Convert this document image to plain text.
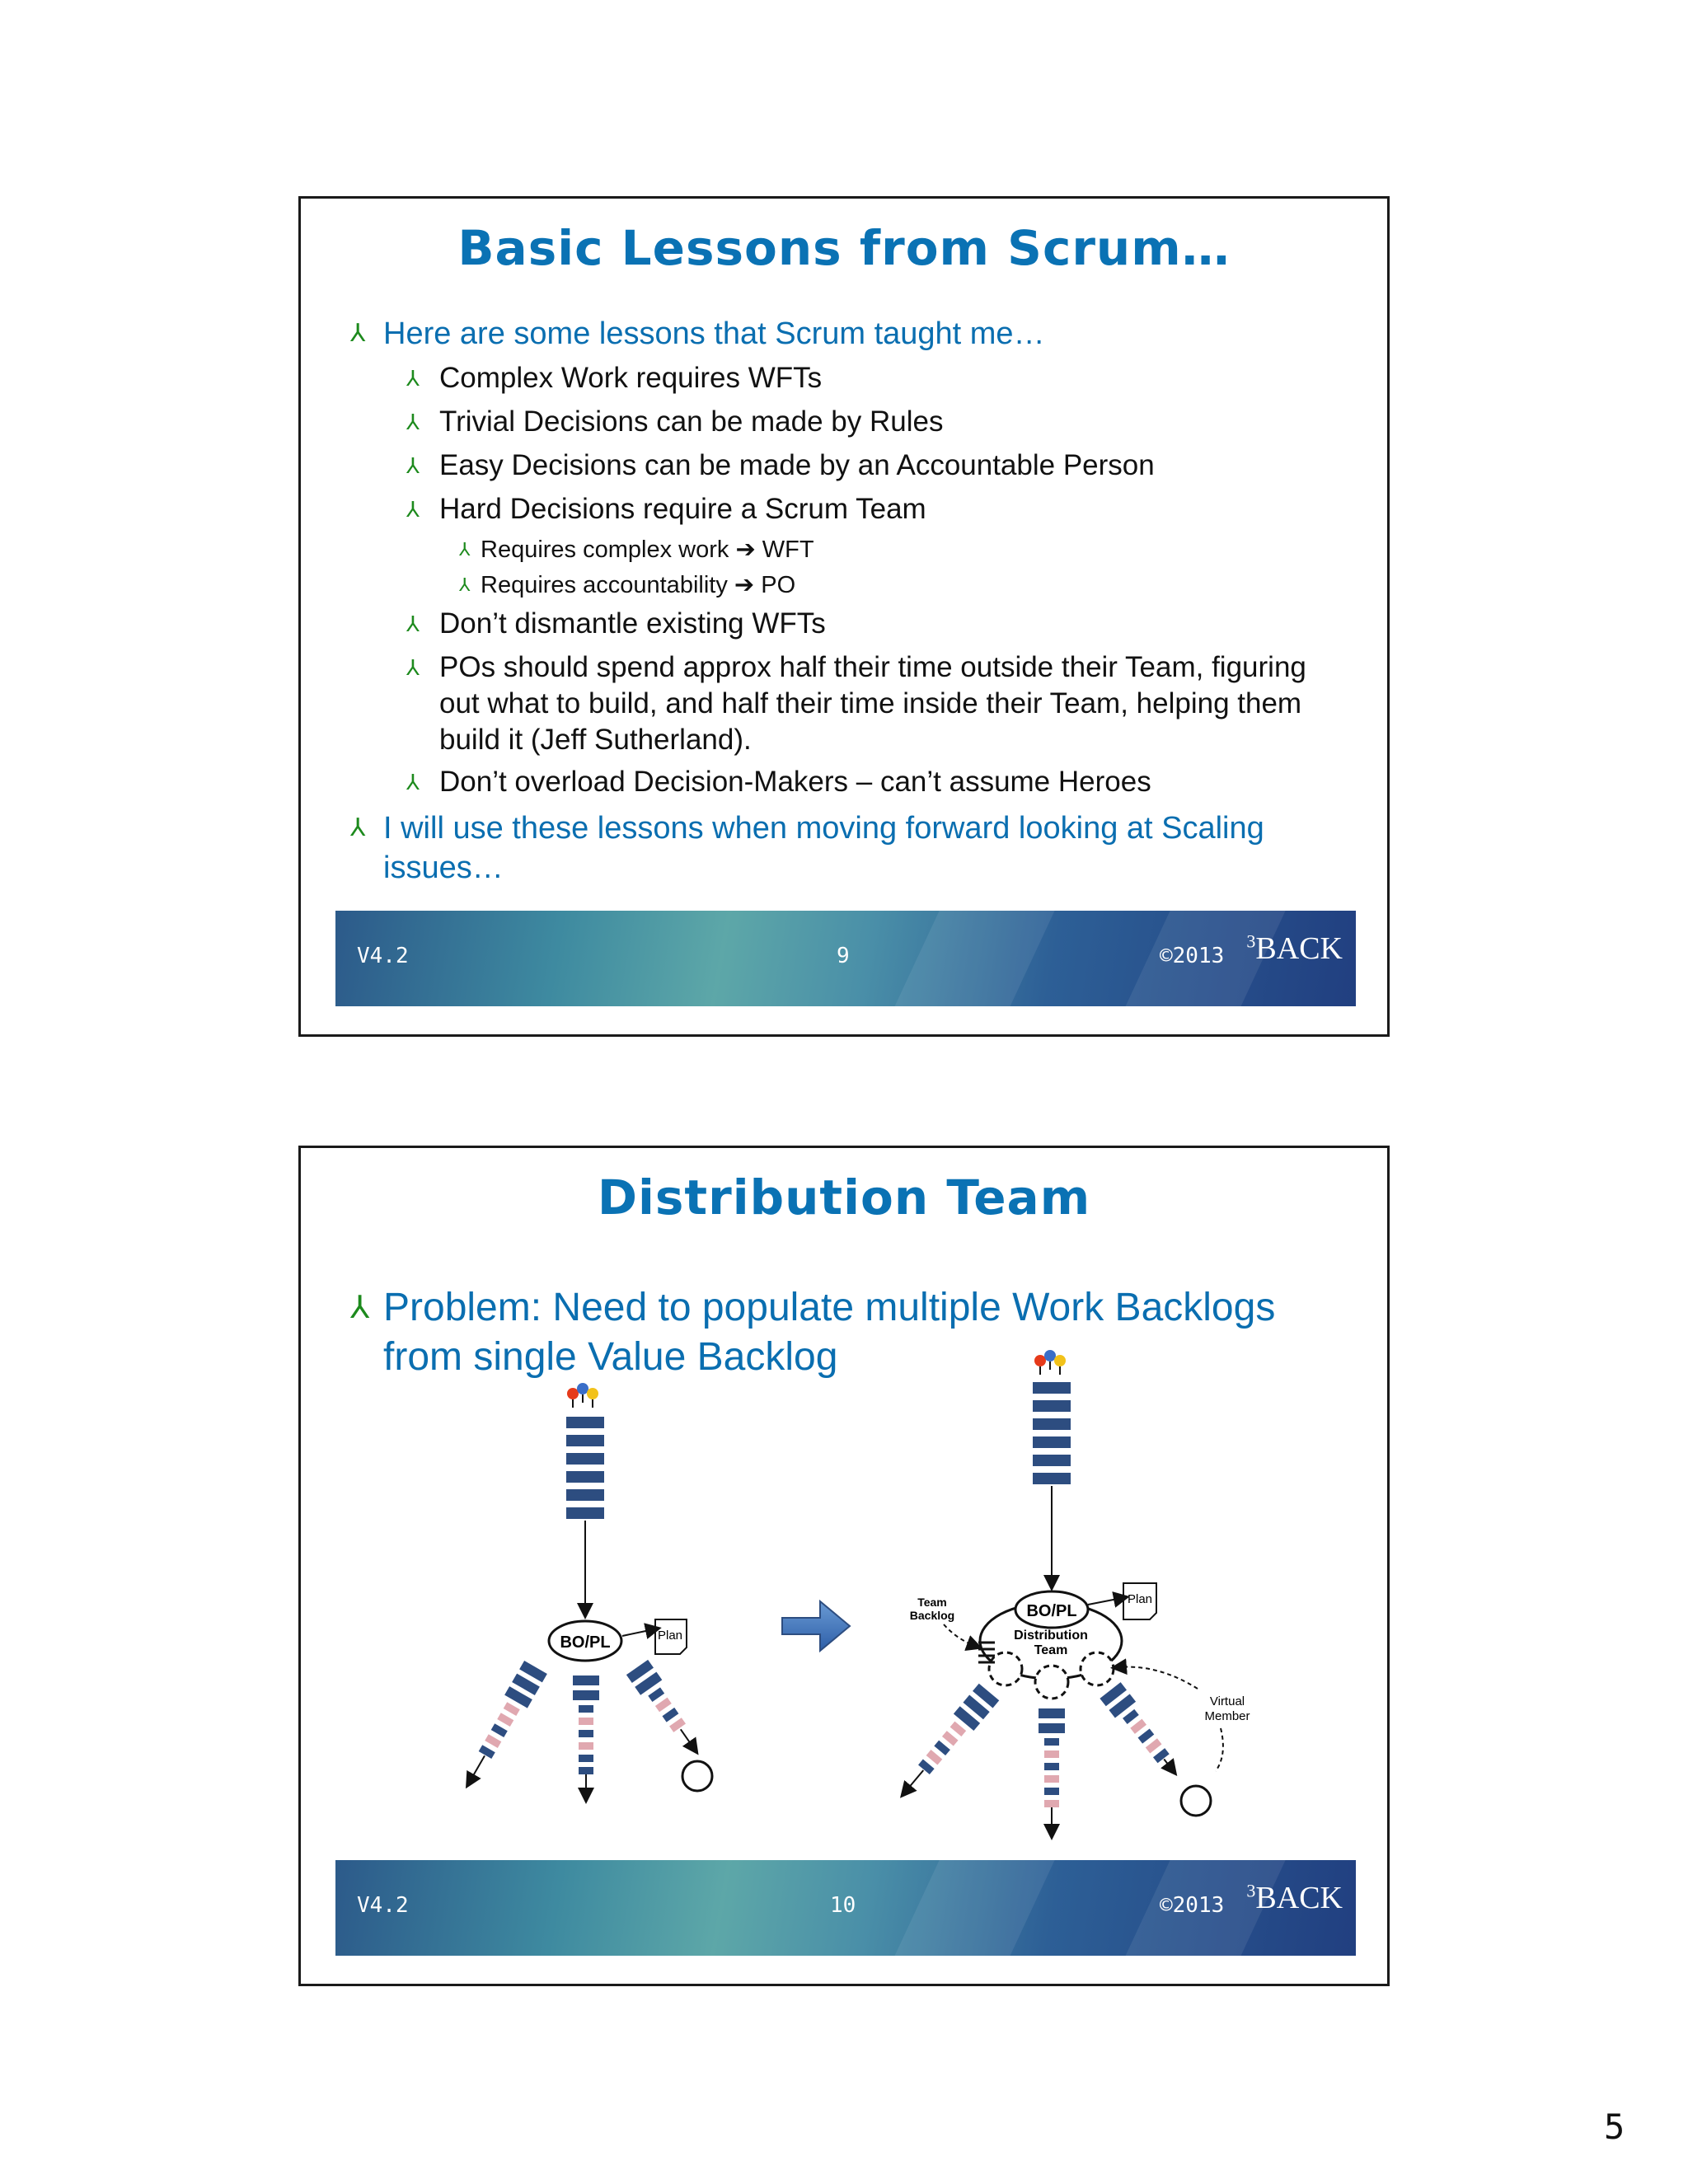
Basic Lessons from Scrum…
⅄ Here are some lessons that Scrum taught me…
⅄ Complex Work requires WFTs
⅄ Trivial Decisions can be made by Rules
⅄ Easy Decisions can be made by an Accountable Person
⅄ Hard Decisions require a Scrum Team
⅄ Requires complex work ➔ WFT
⅄ Requires accountability ➔ PO
⅄ Don’t dismantle existing WFTs
⅄ POs should spend approx half their time outside their Team, figuring out what to build, and half their time inside their Team, helping them build it (Jeff Sutherland).
⅄ Don’t overload Decision-Makers – can’t assume Heroes
⅄ I will use these lessons when moving forward looking at Scaling issues…
V4.2	9	©2013
$^3$BACK
Distribution Team
⅄ Problem: Need to populate multiple Work Backlogs from single Value Backlog
BO/PL	Plan	Distribution
Team
BO/PL
Plan
Team
Backlog
Virtual
Member
V4.2	10	©2013
$^3$BACK
5
